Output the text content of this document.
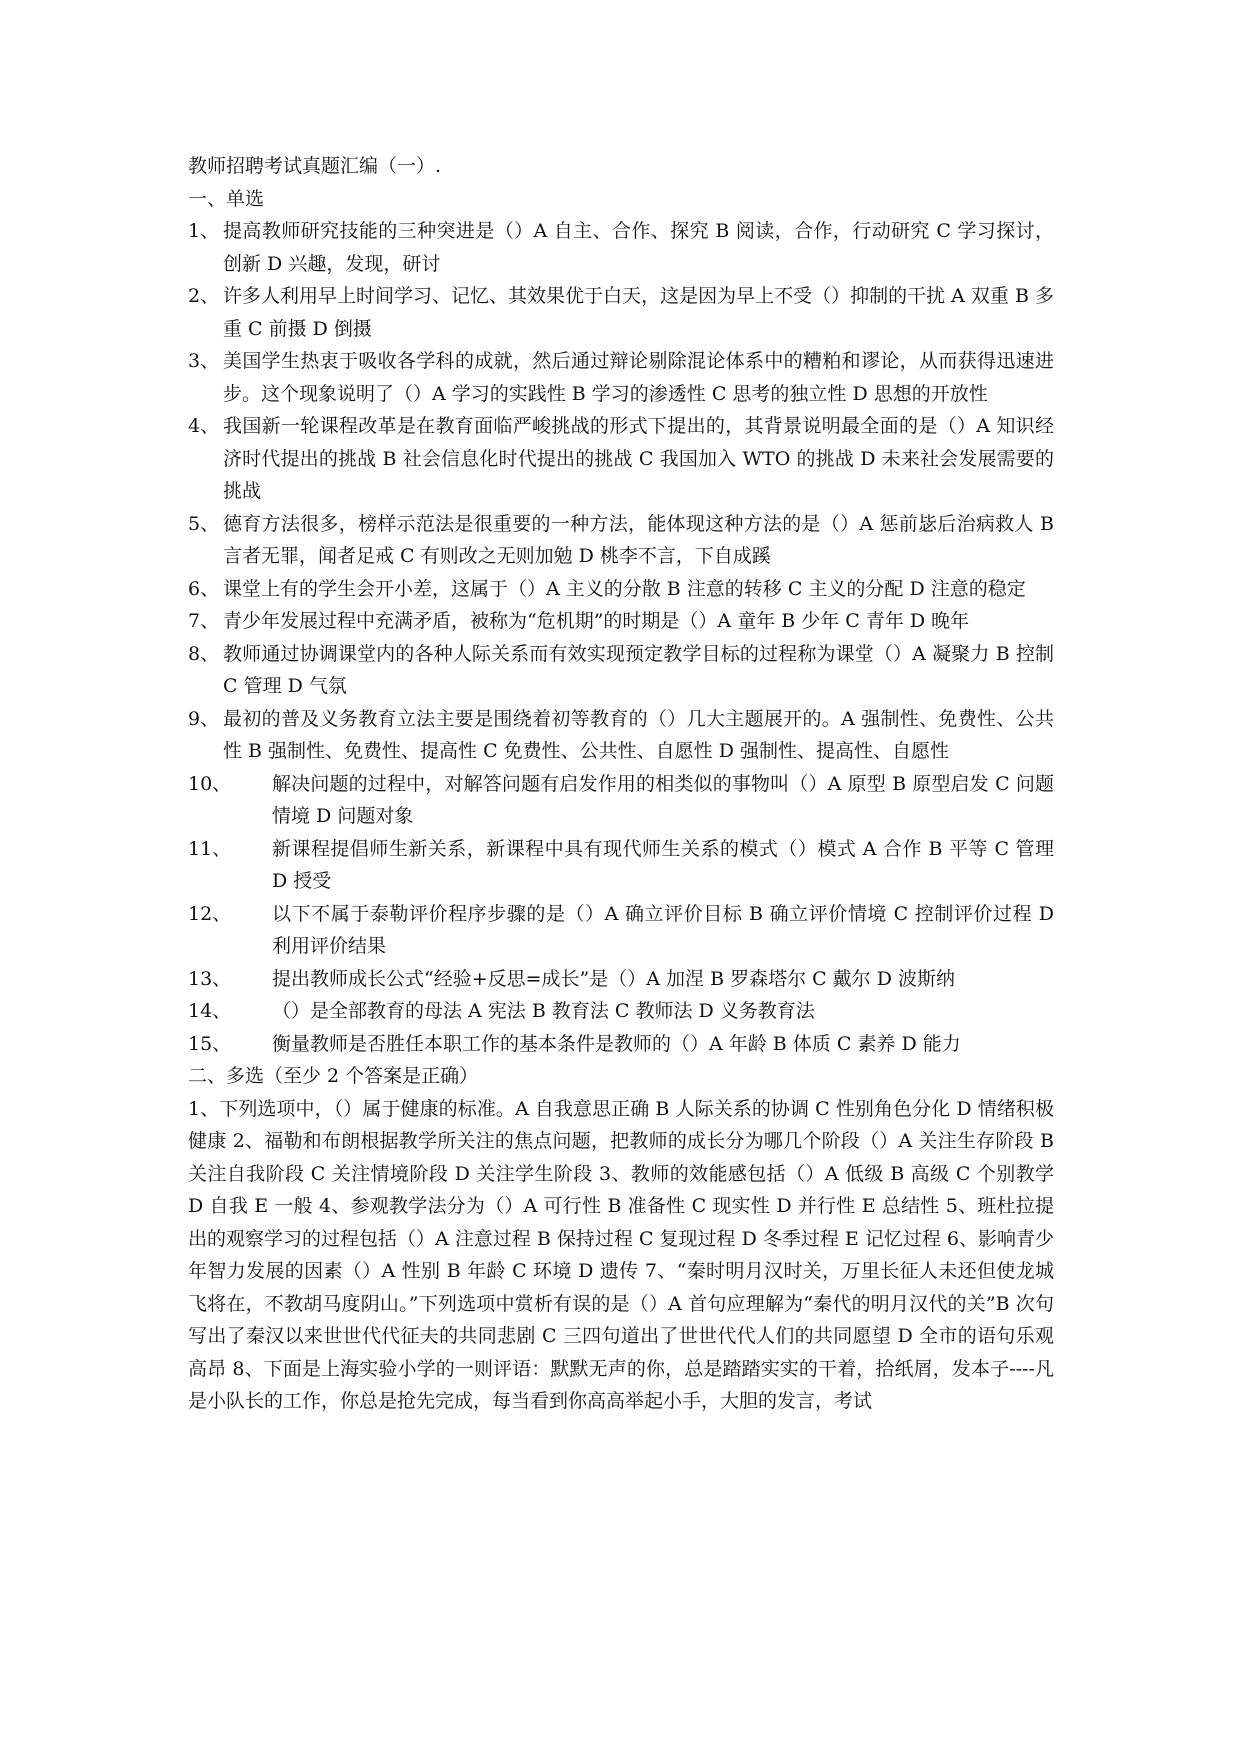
教师招聘考试真题汇编（一）.
一、单选
1、 提高教师研究技能的三种突进是（）A 自主、合作、探究 B 阅读，合作，行动研究 C 学习探讨，创新 D 兴趣，发现，研讨
2、 许多人利用早上时间学习、记忆、其效果优于白天，这是因为早上不受（）抑制的干扰 A 双重 B 多重 C 前摄 D 倒摄
3、 美国学生热衷于吸收各学科的成就，然后通过辩论剔除混论体系中的糟粕和谬论，从而获得迅速进步。这个现象说明了（）A 学习的实践性 B 学习的渗透性 C 思考的独立性 D 思想的开放性
4、 我国新一轮课程改革是在教育面临严峻挑战的形式下提出的，其背景说明最全面的是（）A 知识经济时代提出的挑战 B 社会信息化时代提出的挑战 C 我国加入 WTO 的挑战 D 未来社会发展需要的挑战
5、 德育方法很多，榜样示范法是很重要的一种方法，能体现这种方法的是（）A 惩前毖后治病救人 B 言者无罪，闻者足戒 C 有则改之无则加勉 D 桃李不言，下自成蹊
6、 课堂上有的学生会开小差，这属于（）A 主义的分散 B 注意的转移 C 主义的分配 D 注意的稳定
7、 青少年发展过程中充满矛盾，被称为“危机期”的时期是（）A 童年 B 少年 C 青年 D 晚年
8、 教师通过协调课堂内的各种人际关系而有效实现预定教学目标的过程称为课堂（）A 凝聚力 B 控制 C 管理 D 气氛
9、 最初的普及义务教育立法主要是围绕着初等教育的（）几大主题展开的。A 强制性、免费性、公共性 B 强制性、免费性、提高性 C 免费性、公共性、自愿性 D 强制性、提高性、自愿性
10、	解决问题的过程中，对解答问题有启发作用的相类似的事物叫（）A 原型 B 原型启发 C 问题情境 D 问题对象
11、	新课程提倡师生新关系，新课程中具有现代师生关系的模式（）模式 A 合作 B 平等 C 管理 D 授受
12、	以下不属于泰勒评价程序步骤的是（）A 确立评价目标 B 确立评价情境 C 控制评价过程 D 利用评价结果
13、	提出教师成长公式“经验+反思=成长”是（）A 加涅 B 罗森塔尔 C 戴尔 D 波斯纳
14、	（）是全部教育的母法 A 宪法 B 教育法 C 教师法 D 义务教育法
15、	衡量教师是否胜任本职工作的基本条件是教师的（）A 年龄 B 体质 C 素养 D 能力
二、多选（至少 2 个答案是正确）
1、下列选项中，（）属于健康的标准。A 自我意思正确 B 人际关系的协调 C 性别角色分化 D 情绪积极健康 2、福勒和布朗根据教学所关注的焦点问题，把教师的成长分为哪几个阶段（）A 关注生存阶段 B 关注自我阶段 C 关注情境阶段 D 关注学生阶段 3、教师的效能感包括（）A 低级 B 高级 C 个别教学 D 自我 E 一般 4、参观教学法分为（）A 可行性 B 准备性 C 现实性 D 并行性 E 总结性 5、班杜拉提出的观察学习的过程包括（）A 注意过程 B 保持过程 C 复现过程 D 冬季过程 E 记忆过程 6、影响青少年智力发展的因素（）A 性别 B 年龄 C 环境 D 遗传 7、“秦时明月汉时关，万里长征人未还但使龙城飞将在，不教胡马度阴山。”下列选项中赏析有误的是（）A 首句应理解为“秦代的明月汉代的关”B 次句写出了秦汉以来世世代代征夫的共同悲剧 C 三四句道出了世世代代人们的共同愿望 D 全市的语句乐观高昂 8、下面是上海实验小学的一则评语：默默无声的你，总是踏踏实实的干着，拾纸屑，发本子----凡是小队长的工作，你总是抢先完成，每当看到你高高举起小手，大胆的发言，考试
